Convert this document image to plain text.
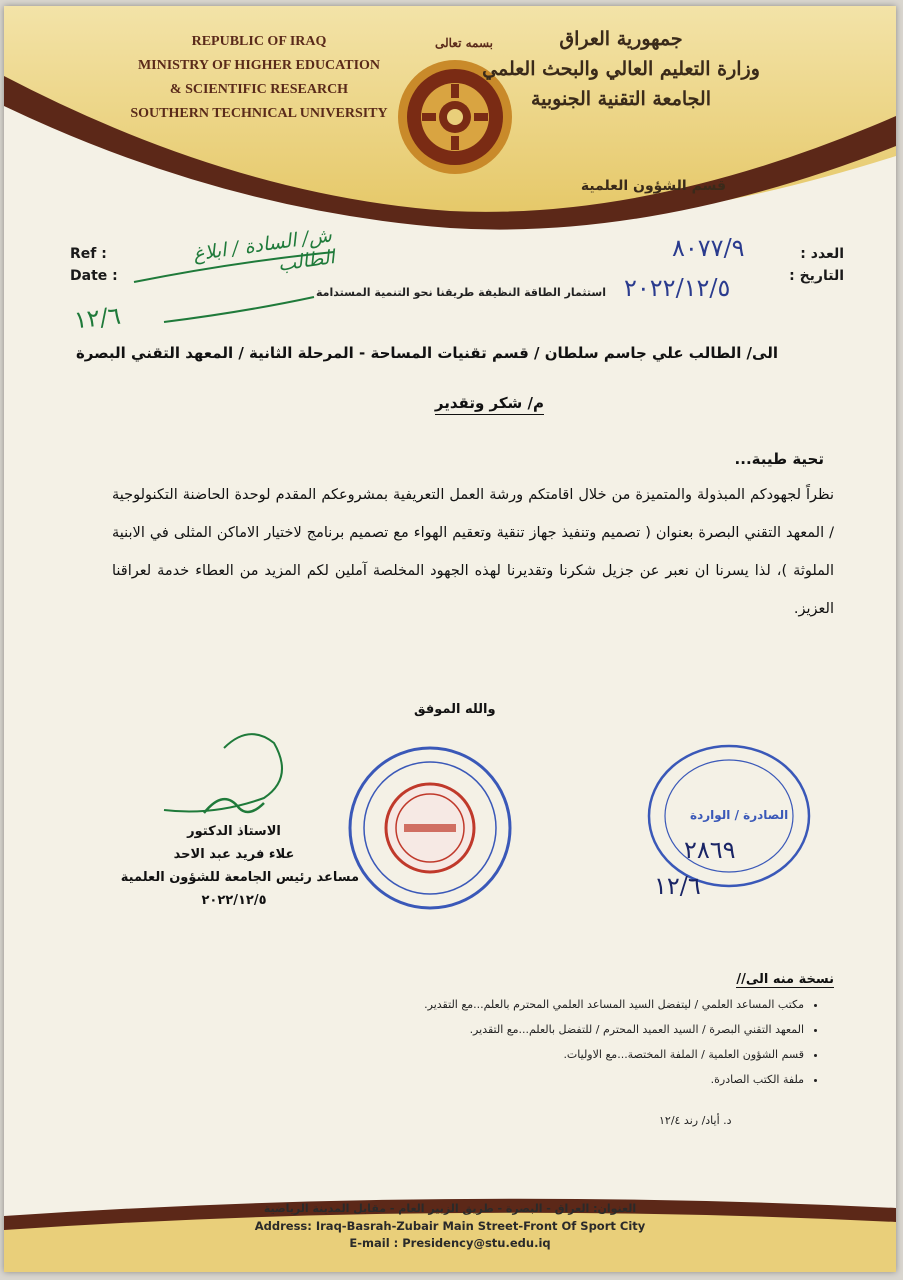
REPUBLIC OF IRAQ
MINISTRY OF HIGHER EDUCATION
& SCIENTIFIC RESEARCH
SOUTHERN TECHNICAL UNIVERSITY
بسمه تعالى	جمهورية العراق
وزارة التعليم العالي والبحث العلمي
الجامعة التقنية الجنوبية
قسم الشؤون العلمية
Ref :
Date :
العدد :
التاريخ :
٨٠٧٧/٩
٢٠٢٢/١٢/٥
استثمار الطاقة النظيفة طريقنا نحو التنمية المستدامة
ش/ السادة / ابلاغ الطالب
١٢/٦
الى/ الطالب علي جاسم سلطان / قسم تقنيات المساحة - المرحلة الثانية / المعهد التقني البصرة
م/ شكر وتقدير
تحية طيبة...
نظراً لجهودكم المبذولة والمتميزة من خلال اقامتكم ورشة العمل التعريفية بمشروعكم المقدم لوحدة الحاضنة التكنولوجية / المعهد التقني البصرة بعنوان ( تصميم وتنفيذ جهاز تنقية وتعقيم الهواء مع تصميم برنامج لاختيار الاماكن المثلى في الابنية الملوثة )، لذا يسرنا ان نعبر عن جزيل شكرنا وتقديرنا لهذه الجهود المخلصة آملين لكم المزيد من العطاء خدمة لعراقنا العزيز.
والله الموفق
الاستاذ الدكتور
علاء فريد عبد الاحد
مساعد رئيس الجامعة للشؤون العلمية
٢٠٢٢/١٢/٥
الصادرة / الواردة
٢٨٦٩
١٢/٦
نسخة منه الى//
• مكتب المساعد العلمي / ليتفضل السيد المساعد العلمي المحترم بالعلم...مع التقدير.
• المعهد التقني البصرة / السيد العميد المحترم / للتفضل بالعلم...مع التقدير.
• قسم الشؤون العلمية / الملفة المختصة...مع الاوليات.
• ملفة الكتب الصادرة.
د. أياد/ رند ١٢/٤
العنوان: العراق - البصرة - طريق الزبير العام - مقابل المدينة الرياضية
Address: Iraq-Basrah-Zubair Main Street-Front Of Sport City
E-mail : Presidency@stu.edu.iq
